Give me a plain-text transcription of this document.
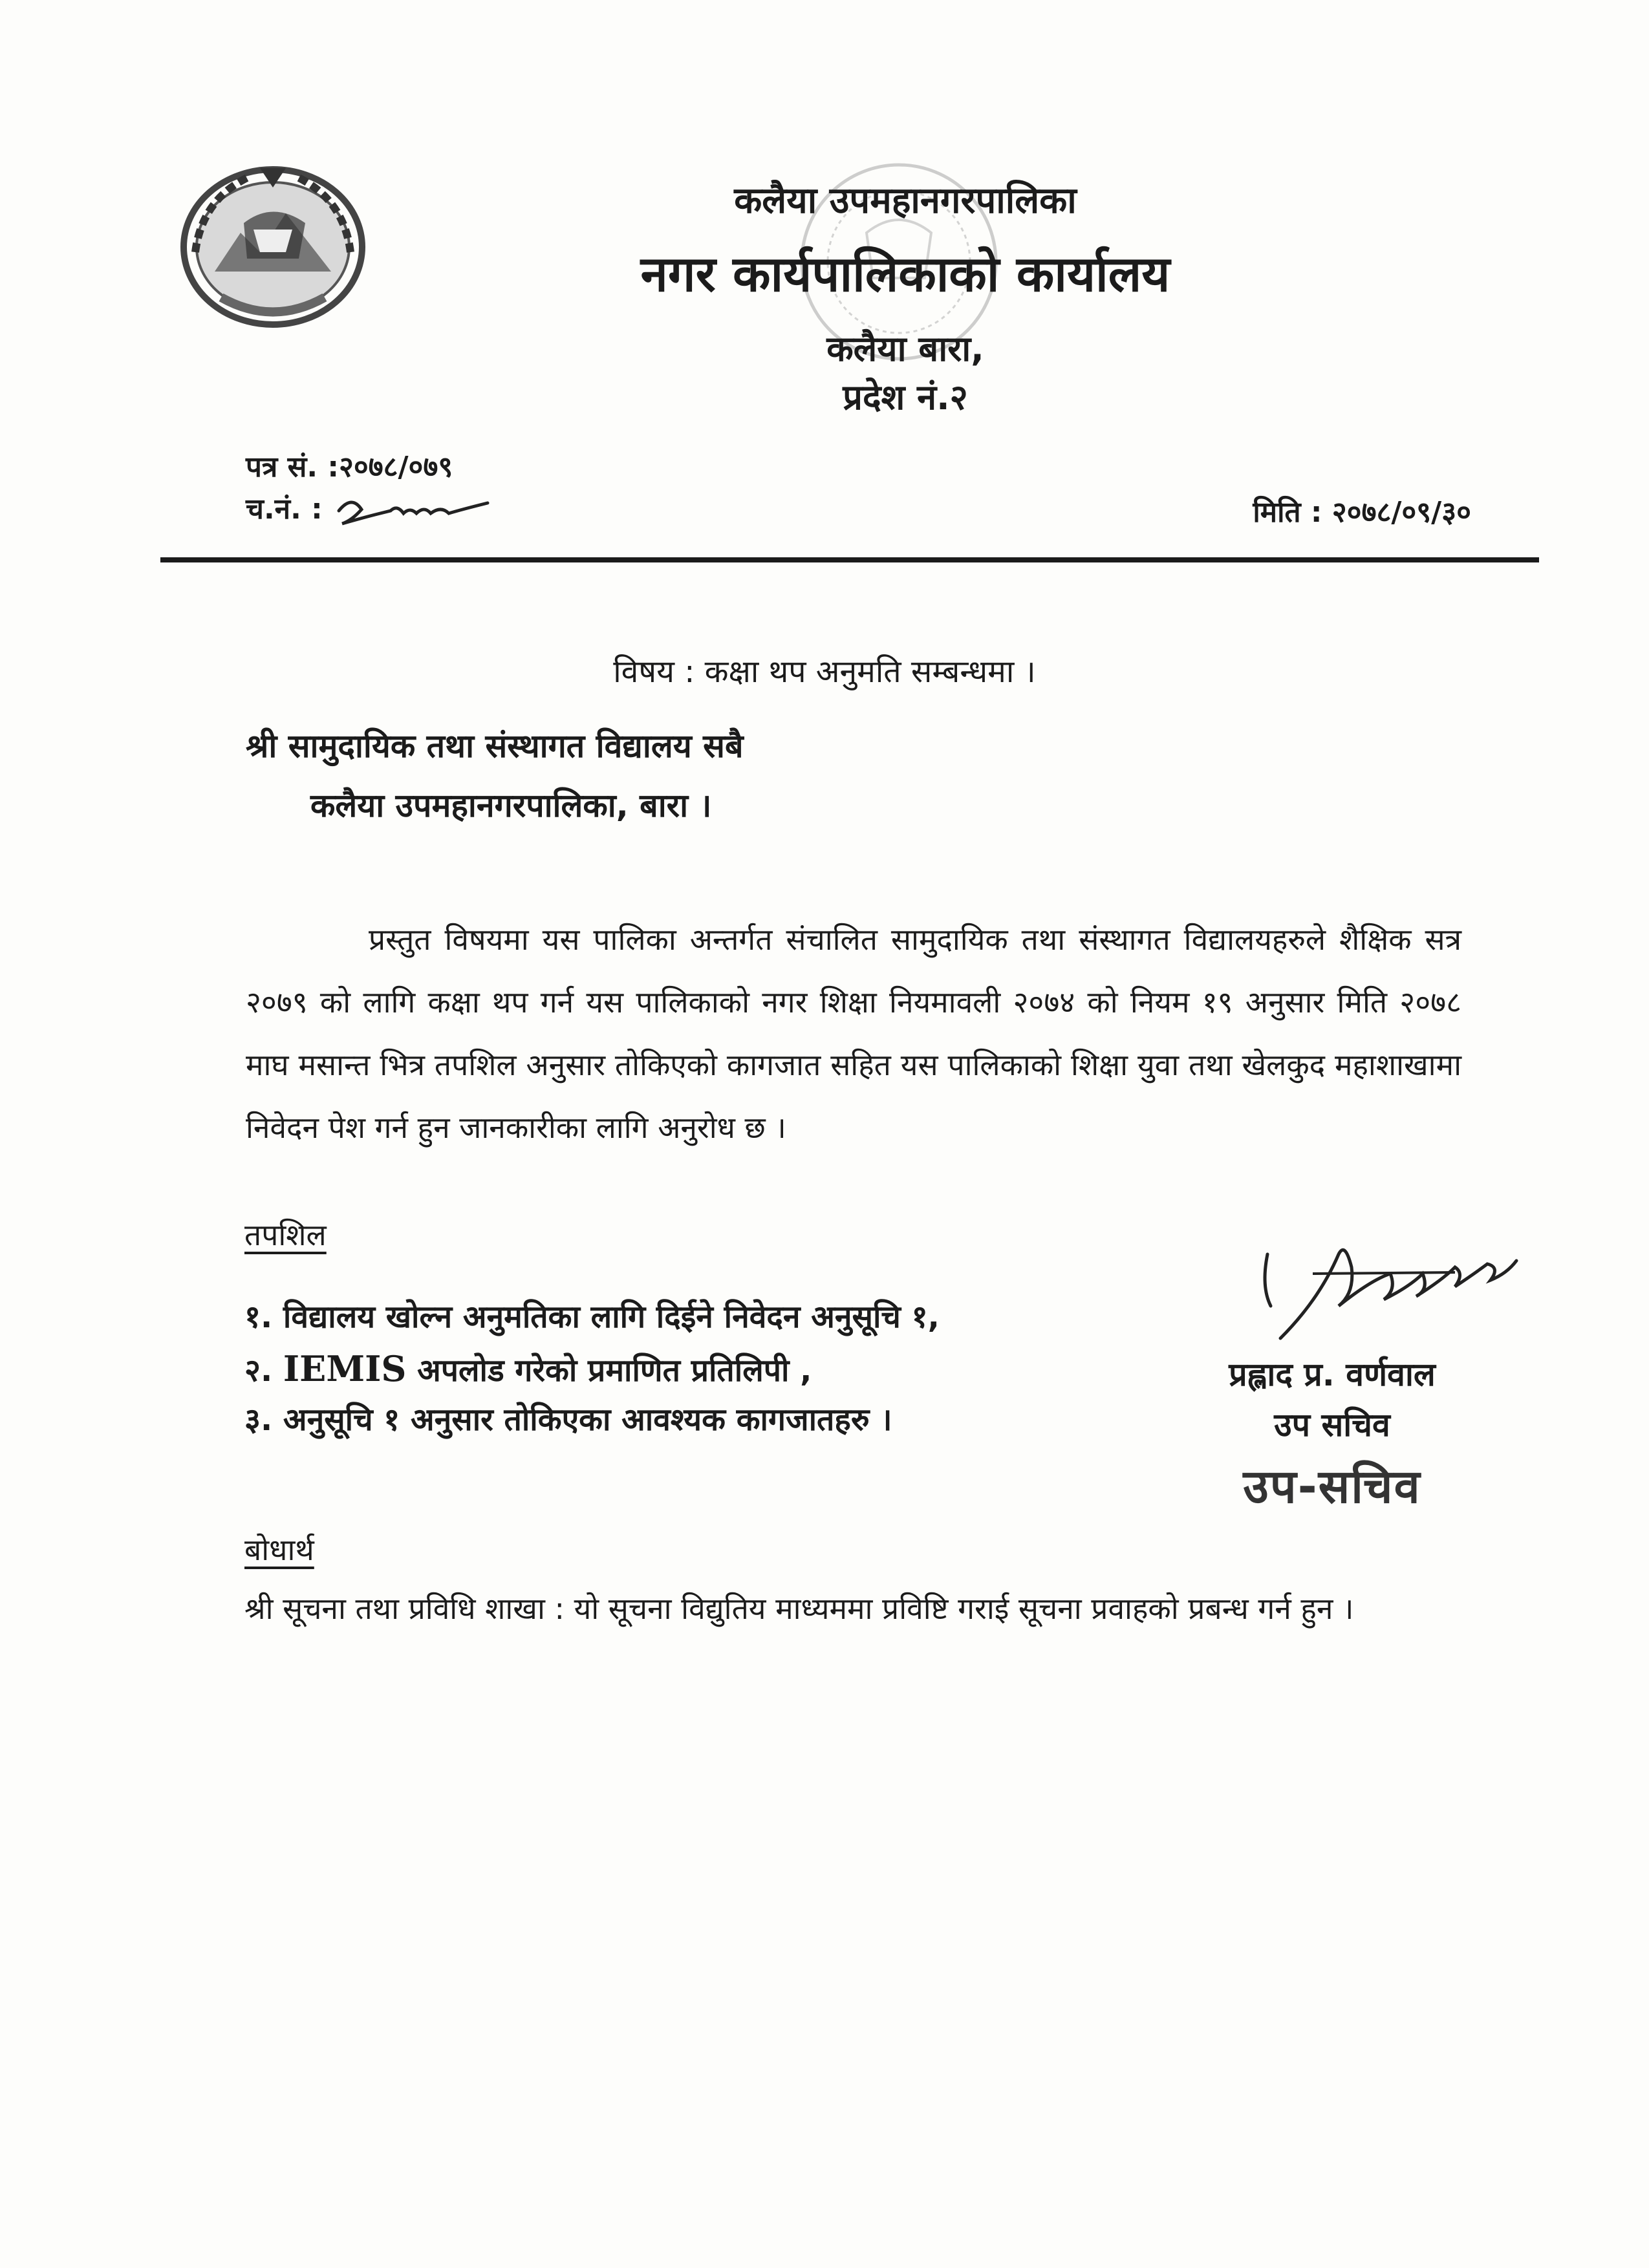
कलैया उपमहानगरपालिका
नगर कार्यपालिकाको कार्यालय
कलैया बारा,
प्रदेश नं.२
पत्र सं. :२०७८/०७९
च.नं. :	मिति : २०७८/०९/३०
विषय : कक्षा थप अनुमति सम्बन्धमा ।
श्री सामुदायिक तथा संस्थागत विद्यालय सबै
कलैया उपमहानगरपालिका, बारा ।
प्रस्तुत विषयमा यस पालिका अन्तर्गत संचालित सामुदायिक तथा संस्थागत विद्यालयहरुले शैक्षिक सत्र २०७९ को लागि कक्षा थप गर्न यस पालिकाको नगर शिक्षा नियमावली २०७४ को नियम १९ अनुसार मिति २०७८ माघ मसान्त भित्र तपशिल अनुसार तोकिएको कागजात सहित यस पालिकाको शिक्षा युवा तथा खेलकुद महाशाखामा निवेदन पेश गर्न हुन जानकारीका लागि अनुरोध छ ।
तपशिल
१. विद्यालय खोल्न अनुमतिका लागि दिईने निवेदन अनुसूचि १,
२. IEMIS अपलोड गरेको प्रमाणित प्रतिलिपी ,
३. अनुसूचि १ अनुसार तोकिएका आवश्यक कागजातहरु ।
प्रह्लाद प्र. वर्णवाल
उप सचिव
उप-सचिव
बोधार्थ
श्री सूचना तथा प्रविधि शाखा : यो सूचना विद्युतिय माध्यममा प्रविष्टि गराई सूचना प्रवाहको प्रबन्ध गर्न हुन ।
